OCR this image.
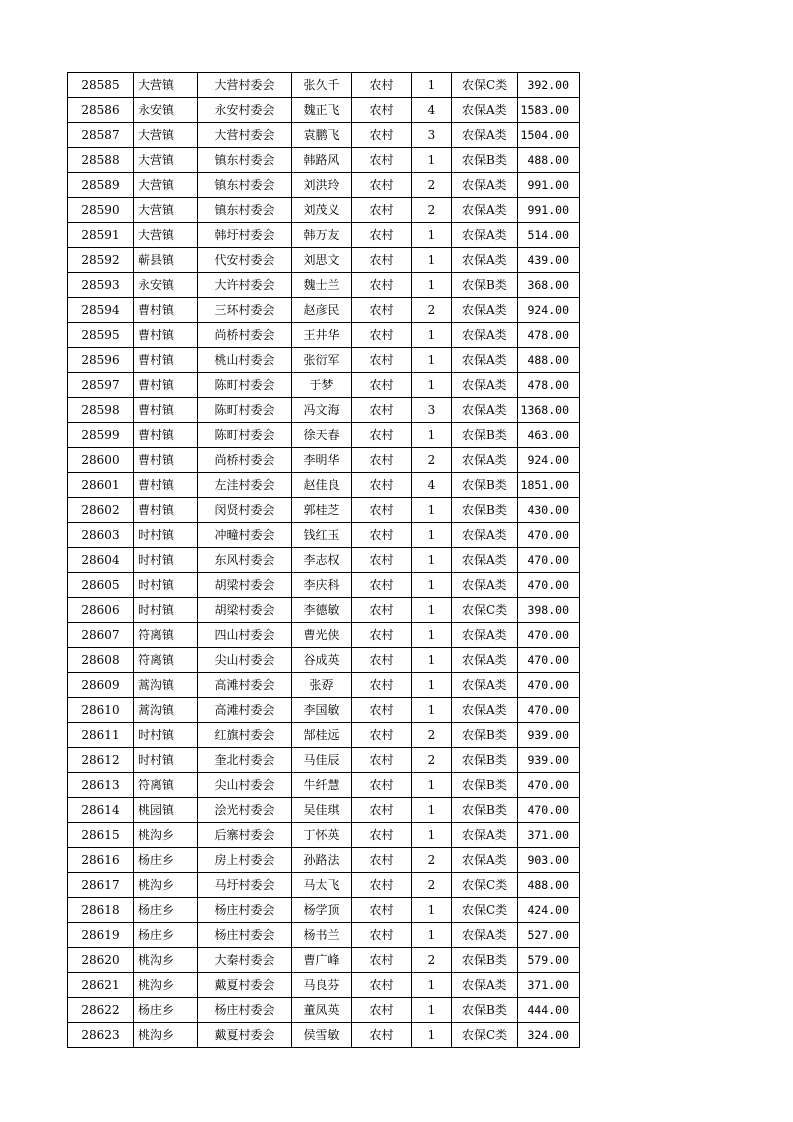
28585	大营镇	大营村委会	张久千	农村	1	农保C类	392.00
28586	永安镇	永安村委会	魏正飞	农村	4	农保A类	1583.00
28587	大营镇	大营村委会	袁鹏飞	农村	3	农保A类	1504.00
28588	大营镇	镇东村委会	韩路风	农村	1	农保B类	488.00
28589	大营镇	镇东村委会	刘洪玲	农村	2	农保A类	991.00
28590	大营镇	镇东村委会	刘茂义	农村	2	农保A类	991.00
28591	大营镇	韩圩村委会	韩万友	农村	1	农保A类	514.00
28592	蕲县镇	代安村委会	刘思文	农村	1	农保A类	439.00
28593	永安镇	大许村委会	魏士兰	农村	1	农保B类	368.00
28594	曹村镇	三环村委会	赵彦民	农村	2	农保A类	924.00
28595	曹村镇	尚桥村委会	王井华	农村	1	农保A类	478.00
28596	曹村镇	桃山村委会	张衍军	农村	1	农保A类	488.00
28597	曹村镇	陈町村委会	于梦	农村	1	农保A类	478.00
28598	曹村镇	陈町村委会	冯文海	农村	3	农保A类	1368.00
28599	曹村镇	陈町村委会	徐天春	农村	1	农保B类	463.00
28600	曹村镇	尚桥村委会	李明华	农村	2	农保A类	924.00
28601	曹村镇	左洼村委会	赵佳良	农村	4	农保B类	1851.00
28602	曹村镇	闵贤村委会	郭桂芝	农村	1	农保B类	430.00
28603	时村镇	冲疃村委会	钱红玉	农村	1	农保A类	470.00
28604	时村镇	东风村委会	李志权	农村	1	农保A类	470.00
28605	时村镇	胡梁村委会	李庆科	农村	1	农保A类	470.00
28606	时村镇	胡梁村委会	李德敏	农村	1	农保C类	398.00
28607	符离镇	四山村委会	曹光侠	农村	1	农保A类	470.00
28608	符离镇	尖山村委会	谷成英	农村	1	农保A类	470.00
28609	蒿沟镇	高滩村委会	张孬	农村	1	农保A类	470.00
28610	蒿沟镇	高滩村委会	李国敏	农村	1	农保A类	470.00
28611	时村镇	红旗村委会	郜桂远	农村	2	农保B类	939.00
28612	时村镇	奎北村委会	马佳辰	农村	2	农保B类	939.00
28613	符离镇	尖山村委会	牛纤慧	农村	1	农保B类	470.00
28614	桃园镇	浍光村委会	吴佳琪	农村	1	农保B类	470.00
28615	桃沟乡	后寨村委会	丁怀英	农村	1	农保A类	371.00
28616	杨庄乡	房上村委会	孙路法	农村	2	农保A类	903.00
28617	桃沟乡	马圩村委会	马太飞	农村	2	农保C类	488.00
28618	杨庄乡	杨庄村委会	杨学顶	农村	1	农保C类	424.00
28619	杨庄乡	杨庄村委会	杨书兰	农村	1	农保A类	527.00
28620	桃沟乡	大秦村委会	曹广峰	农村	2	农保B类	579.00
28621	桃沟乡	戴夏村委会	马良芬	农村	1	农保A类	371.00
28622	杨庄乡	杨庄村委会	董凤英	农村	1	农保B类	444.00
28623	桃沟乡	戴夏村委会	侯雪敏	农村	1	农保C类	324.00
